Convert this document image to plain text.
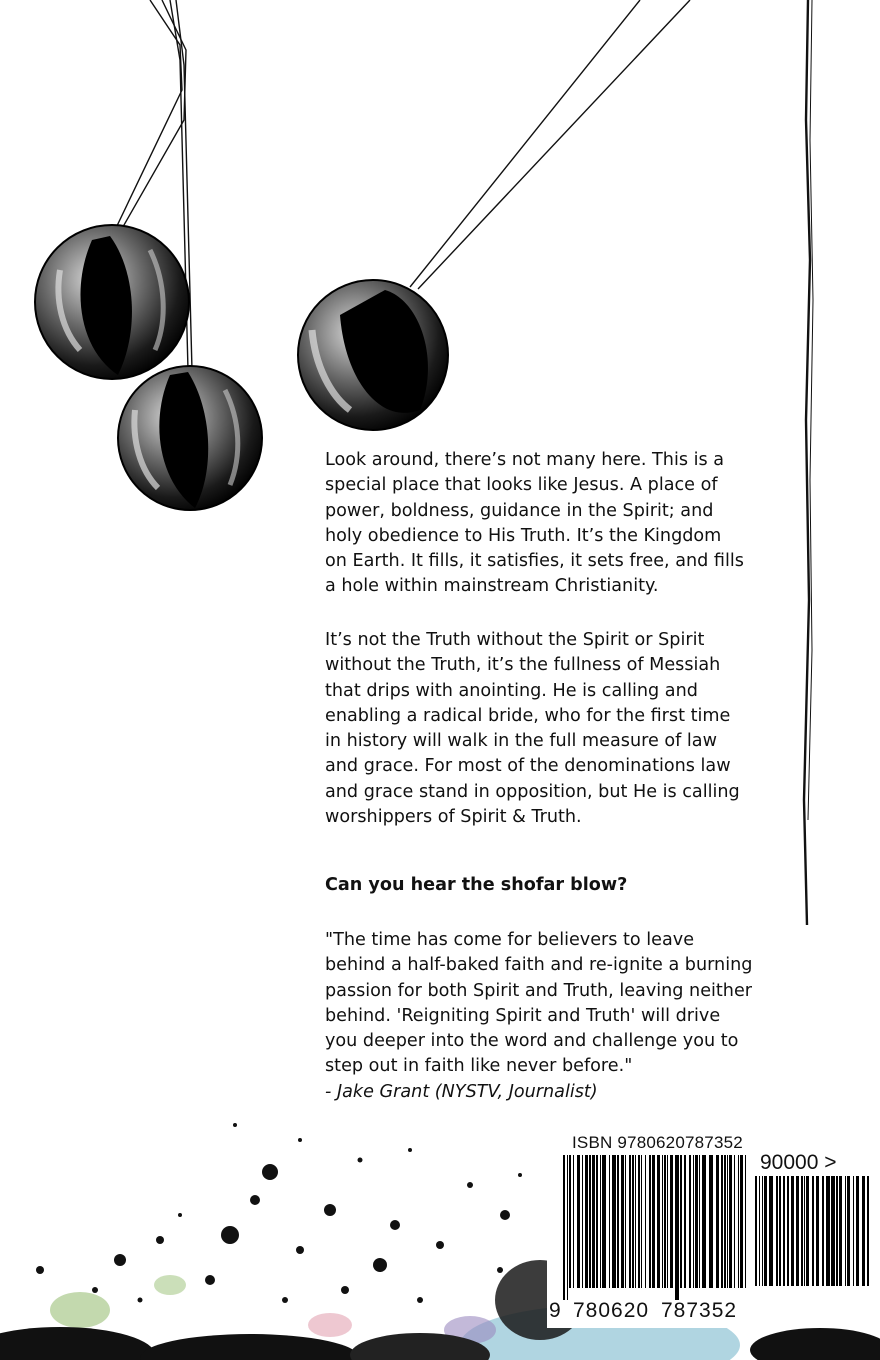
Look around, there’s not many here. This is a special place that looks like Jesus. A place of power, boldness, guidance in the Spirit; and holy obedience to His Truth. It’s the Kingdom on Earth. It fills, it satisfies, it sets free, and fills a hole within mainstream Christianity.

It’s not the Truth without the Spirit or Spirit without the Truth, it’s the fullness of Messiah that drips with anointing. He is calling and enabling a radical bride, who for the first time in history will walk in the full measure of law and grace. For most of the denominations law and grace stand in opposition, but He is calling worshippers of Spirit & Truth.

Can you hear the shofar blow?

"The time has come for believers to leave behind a half-baked faith and re-ignite a burning passion for both Spirit and Truth, leaving neither behind. 'Reigniting Spirit and Truth' will drive you deeper into the word and challenge you to step out in faith like never before."
- Jake Grant (NYSTV, Journalist)
ISBN 9780620787352
90000 >
9 780620 787352
